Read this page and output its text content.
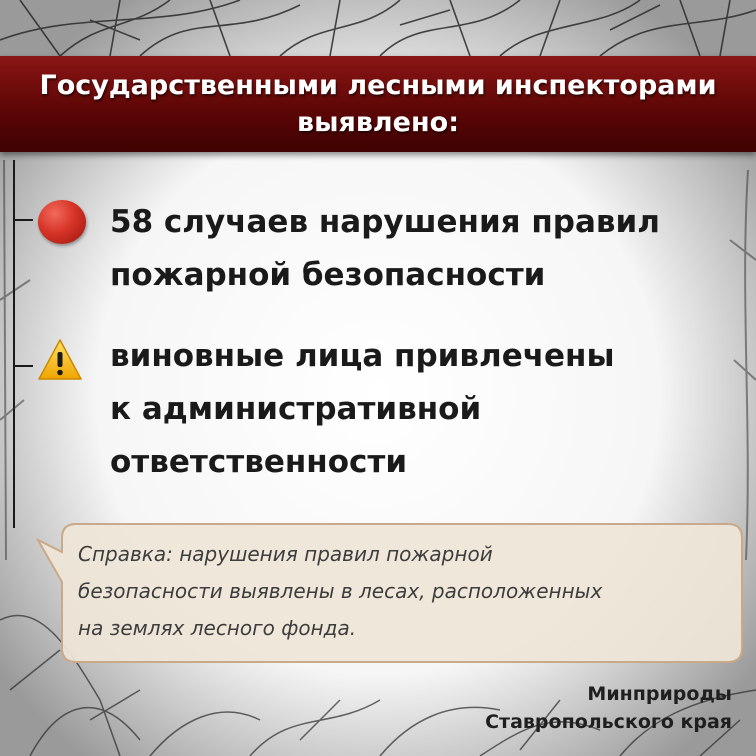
Государственными лесными инспекторами
выявлено:
58 случаев нарушения правил
пожарной безопасности
виновные лица привлечены
к административной
ответственности
Справка: нарушения правил пожарной
безопасности выявлены в лесах, расположенных
на землях лесного фонда.
Минприроды
Ставропольского края
